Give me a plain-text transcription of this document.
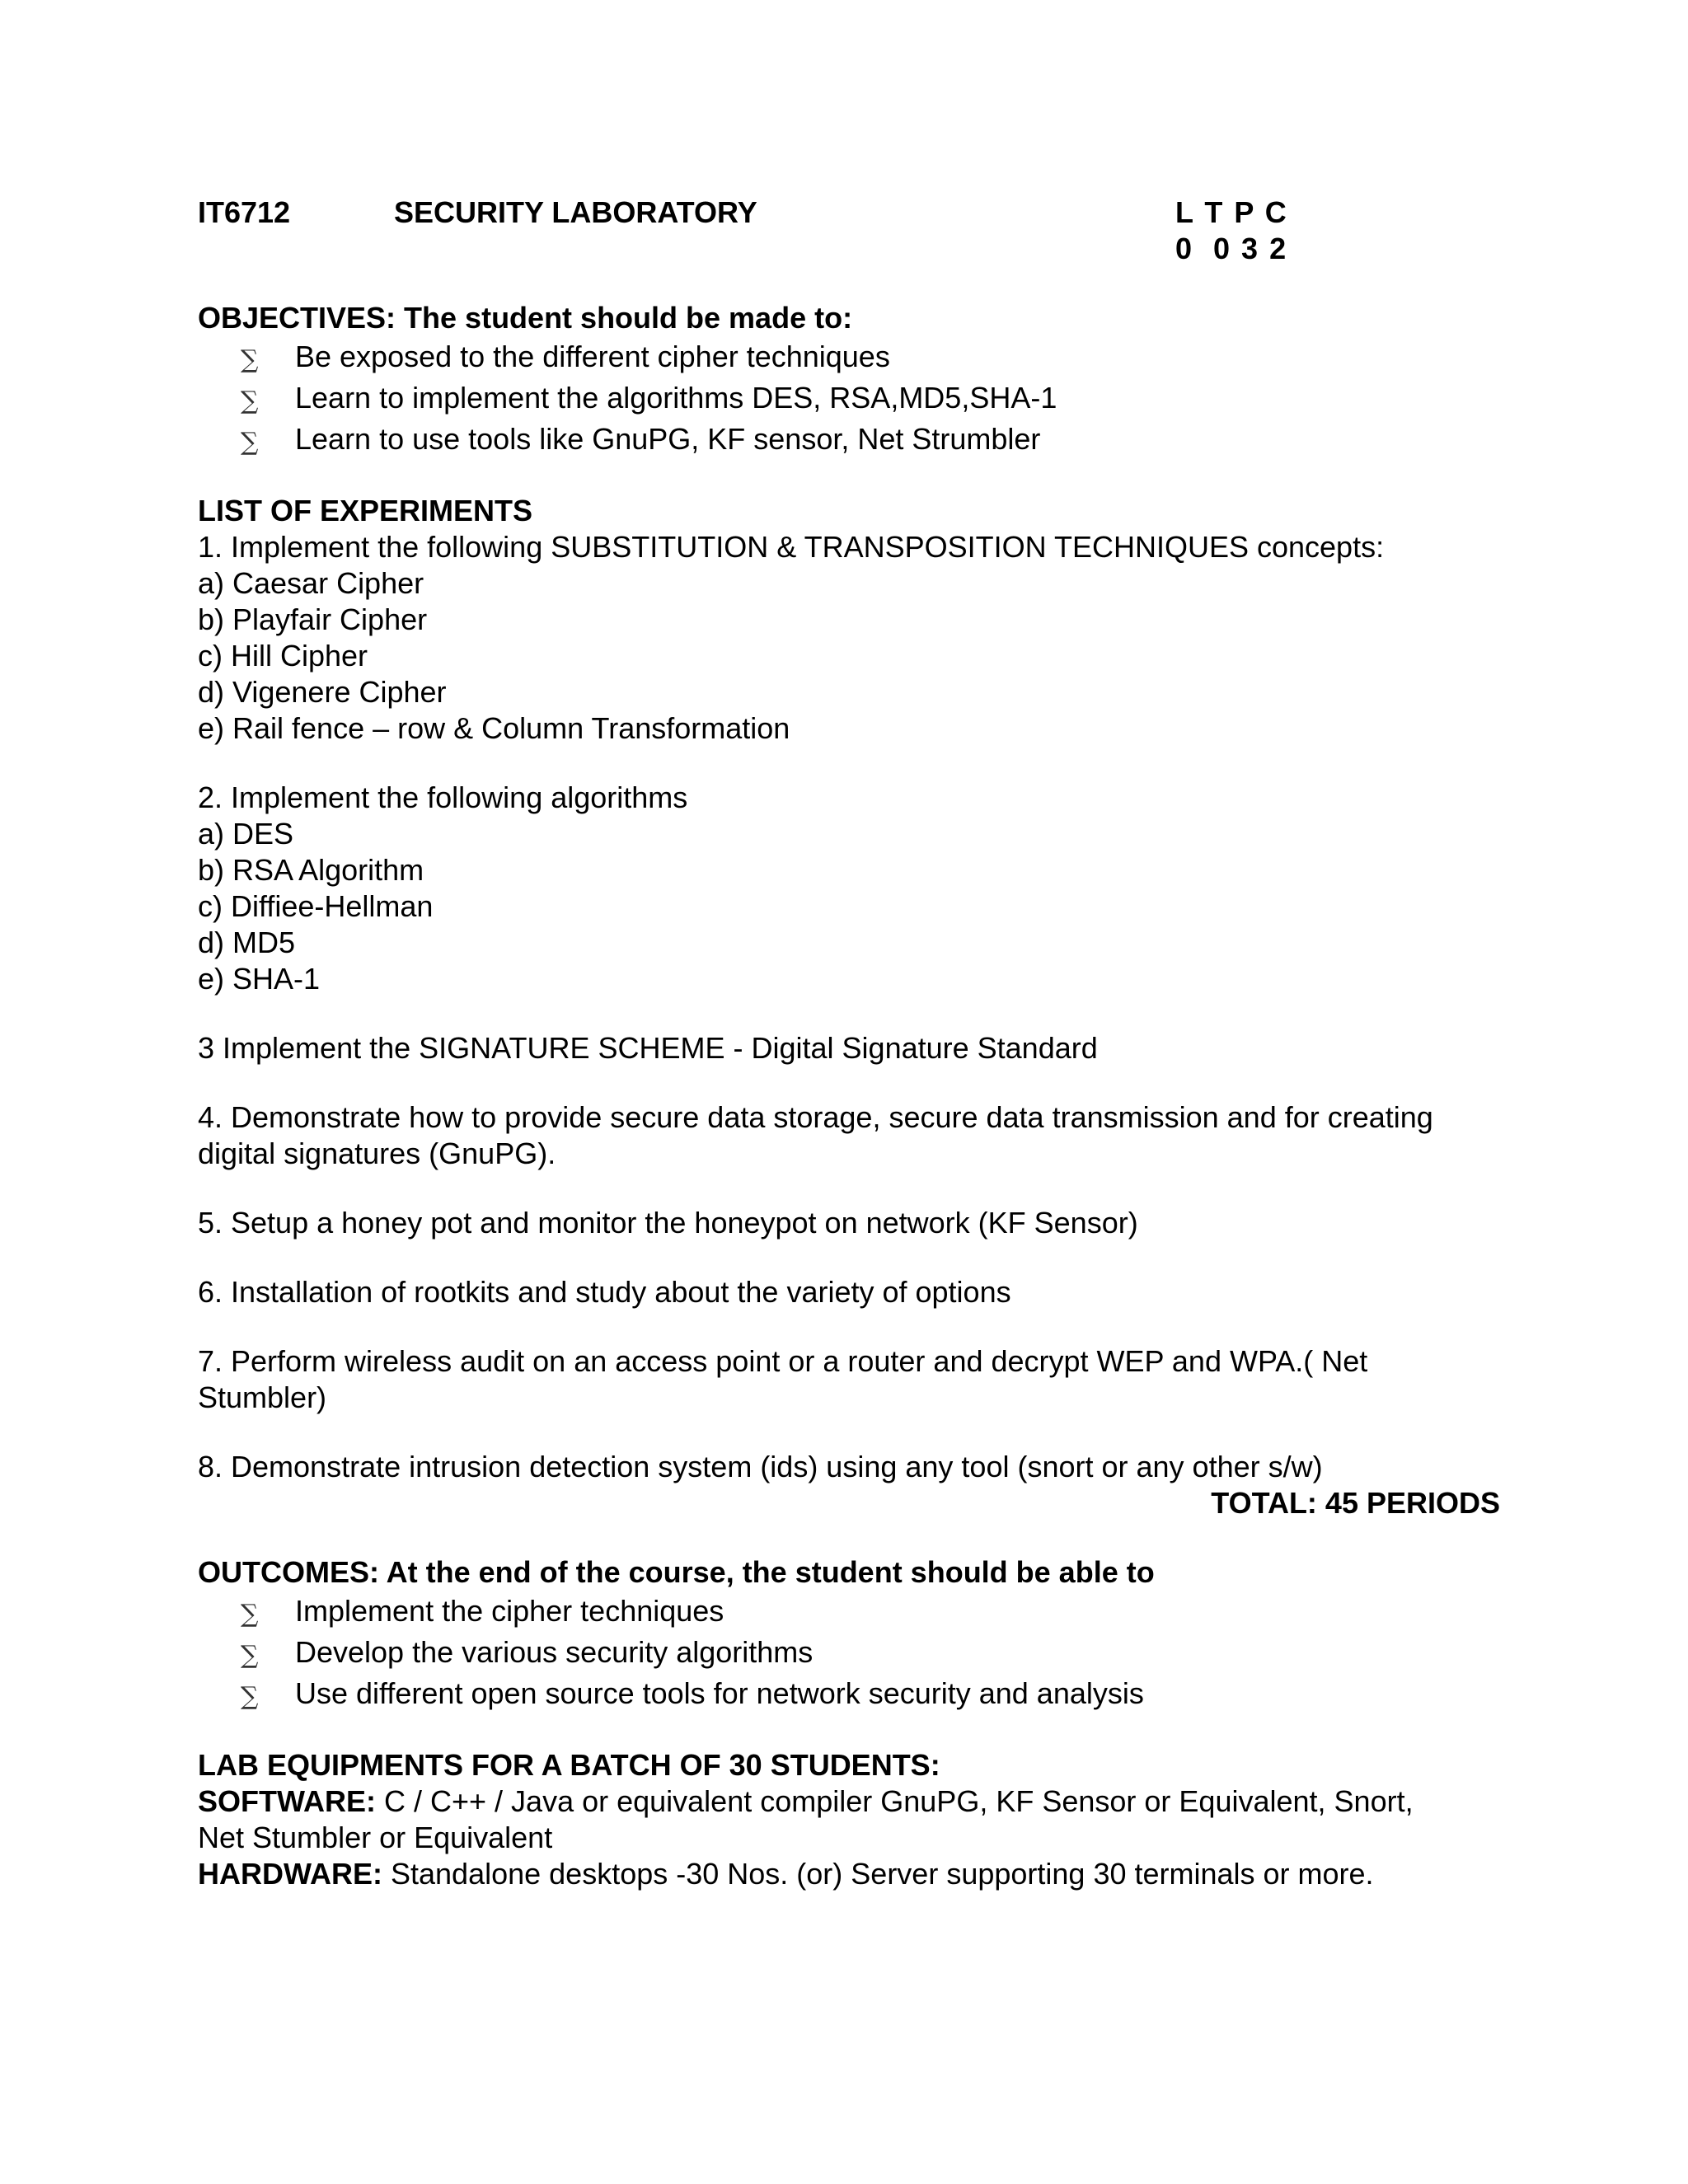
IT6712	SECURITY LABORATORY	L T P C
0  0 3 2
OBJECTIVES: The student should be made to:
∑ Be exposed to the different cipher techniques
∑ Learn to implement the algorithms DES, RSA,MD5,SHA-1
∑ Learn to use tools like GnuPG, KF sensor, Net Strumbler
LIST OF EXPERIMENTS
1. Implement the following SUBSTITUTION & TRANSPOSITION TECHNIQUES concepts:
a) Caesar Cipher
b) Playfair Cipher
c) Hill Cipher
d) Vigenere Cipher
e) Rail fence – row & Column Transformation
2. Implement the following algorithms
a) DES
b) RSA Algorithm
c) Diffiee-Hellman
d) MD5
e) SHA-1
3 Implement the SIGNATURE SCHEME - Digital Signature Standard
4. Demonstrate how to provide secure data storage, secure data transmission and for creating
digital signatures (GnuPG).
5. Setup a honey pot and monitor the honeypot on network (KF Sensor)
6. Installation of rootkits and study about the variety of options
7. Perform wireless audit on an access point or a router and decrypt WEP and WPA.( Net
Stumbler)
8. Demonstrate intrusion detection system (ids) using any tool (snort or any other s/w)
TOTAL: 45 PERIODS
OUTCOMES: At the end of the course, the student should be able to
∑ Implement the cipher techniques
∑ Develop the various security algorithms
∑ Use different open source tools for network security and analysis
LAB EQUIPMENTS FOR A BATCH OF 30 STUDENTS:
SOFTWARE: C / C++ / Java or equivalent compiler GnuPG, KF Sensor or Equivalent, Snort,
Net Stumbler or Equivalent
HARDWARE: Standalone desktops -30 Nos. (or) Server supporting 30 terminals or more.
